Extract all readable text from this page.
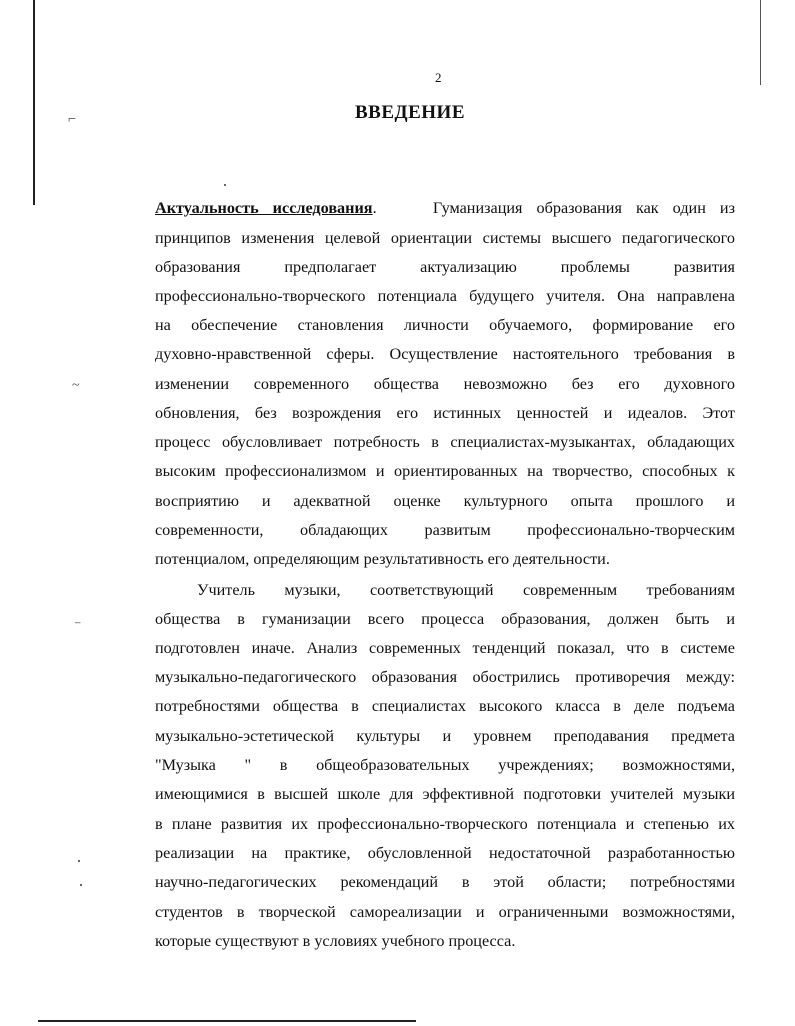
⌐
~
⁻
2
ВВЕДЕНИЕ
Актуальность исследования.    Гуманизация образования как один из
принципов изменения целевой ориентации системы высшего педагогического
образования предполагает актуализацию проблемы развития
профессионально-творческого потенциала будущего учителя. Она направлена
на обеспечение становления личности обучаемого, формирование его
духовно-нравственной сферы. Осуществление настоятельного требования в
изменении современного общества невозможно без его духовного
обновления, без возрождения его истинных ценностей и идеалов. Этот
процесс обусловливает потребность в специалистах-музыкантах, обладающих
высоким профессионализмом и ориентированных на творчество, способных к
восприятию и адекватной оценке культурного опыта прошлого и
современности, обладающих развитым профессионально-творческим
потенциалом, определяющим результативность его деятельности.
Учитель музыки, соответствующий современным требованиям
общества в гуманизации всего процесса образования, должен быть и
подготовлен иначе. Анализ современных тенденций показал, что в системе
музыкально-педагогического образования обострились противоречия между:
потребностями общества в специалистах высокого класса в деле подъема
музыкально-эстетической культуры и уровнем преподавания предмета
"Музыка " в общеобразовательных учреждениях; возможностями,
имеющимися в высшей школе для эффективной подготовки учителей музыки
в плане развития их профессионально-творческого потенциала и степенью их
реализации на практике, обусловленной недостаточной разработанностью
научно-педагогических рекомендаций в этой области; потребностями
студентов в творческой самореализации и ограниченными возможностями,
которые существуют в условиях учебного процесса.
